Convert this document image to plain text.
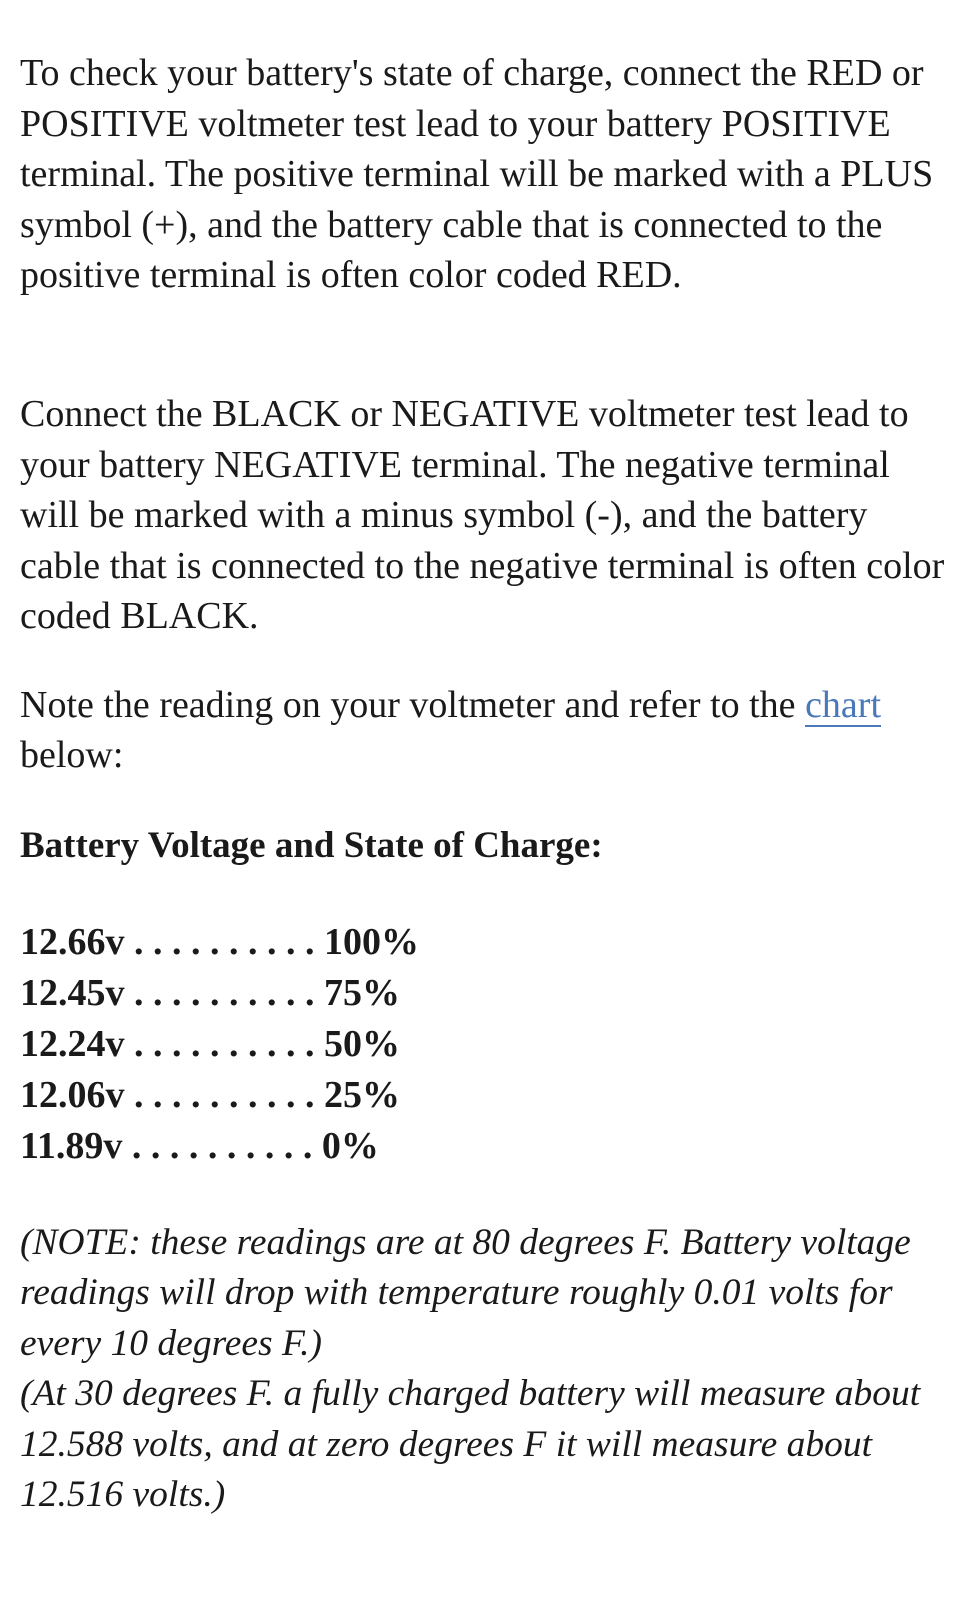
To check your battery's state of charge, connect the RED or POSITIVE voltmeter test lead to your battery POSITIVE terminal. The positive terminal will be marked with a PLUS symbol (+), and the battery cable that is connected to the positive terminal is often color coded RED.

Connect the BLACK or NEGATIVE voltmeter test lead to your battery NEGATIVE terminal. The negative terminal will be marked with a minus symbol (-), and the battery cable that is connected to the negative terminal is often color coded BLACK.

Note the reading on your voltmeter and refer to the chart below:

Battery Voltage and State of Charge:
12.66v . . . . . . . . . . 100%
12.45v . . . . . . . . . . 75%
12.24v . . . . . . . . . . 50%
12.06v . . . . . . . . . . 25%
11.89v . . . . . . . . . . 0%

(NOTE: these readings are at 80 degrees F. Battery voltage readings will drop with temperature roughly 0.01 volts for every 10 degrees F.)

(At 30 degrees F. a fully charged battery will measure about 12.588 volts, and at zero degrees F it will measure about 12.516 volts.)
